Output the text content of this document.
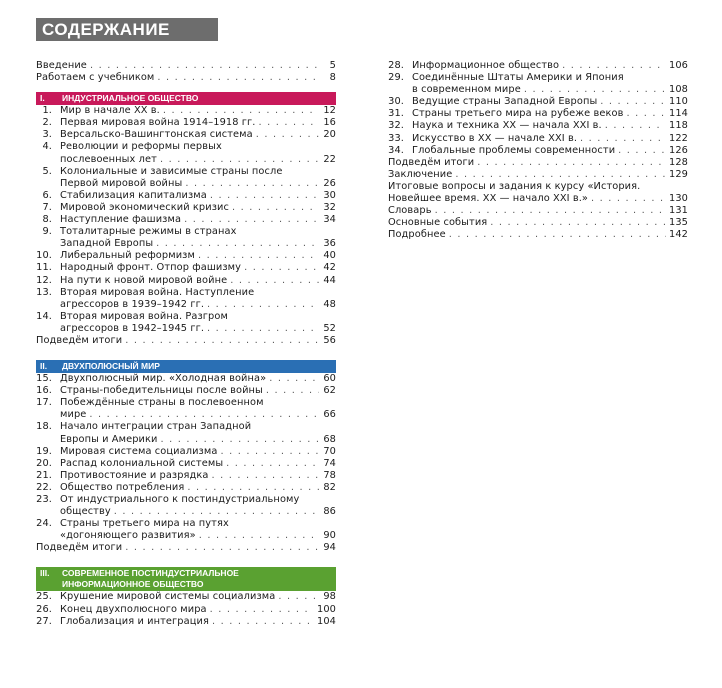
СОДЕРЖАНИЕ
Введение . . .	5
Работаем с учебником . . .	8
I. ИНДУСТРИАЛЬНОЕ ОБЩЕСТВО
1. Мир в начале XX в. . . .	12
2. Первая мировая война 1914–1918 гг. . . .	16
3. Версальско-Вашингтонская система . . .	20
4. Революции и реформы первых
послевоенных лет . . .	22
5. Колониальные и зависимые страны после
Первой мировой войны . . .	26
6. Стабилизация капитализма . . .	30
7. Мировой экономический кризис . . .	32
8. Наступление фашизма . . .	34
9. Тоталитарные режимы в странах
Западной Европы . . .	36
10. Либеральный реформизм . . .	40
11. Народный фронт. Отпор фашизму . . .	42
12. На пути к новой мировой войне . . .	44
13. Вторая мировая война. Наступление
агрессоров в 1939–1942 гг. . . .	48
14. Вторая мировая война. Разгром
агрессоров в 1942–1945 гг. . . .	52
Подведём итоги . . .	56
II. ДВУХПОЛЮСНЫЙ МИР
15. Двухполюсный мир. «Холодная война» . . .	60
16. Страны-победительницы после войны . . .	62
17. Побеждённые страны в послевоенном
мире . . .	66
18. Начало интеграции стран Западной
Европы и Америки . . .	68
19. Мировая система социализма . . .	70
20. Распад колониальной системы . . .	74
21. Противостояние и разрядка . . .	78
22. Общество потребления . . .	82
23. От индустриального к постиндустриальному
обществу . . .	86
24. Страны третьего мира на путях
«догоняющего развития» . . .	90
Подведём итоги . . .	94
III. СОВРЕМЕННОЕ ПОСТИНДУСТРИАЛЬНОЕ
ИНФОРМАЦИОННОЕ ОБЩЕСТВО
25. Крушение мировой системы социализма . . .	98
26. Конец двухполюсного мира . . .	100
27. Глобализация и интеграция . . .	104
28. Информационное общество . . .	106
29. Соединённые Штаты Америки и Япония
в современном мире . . .	108
30. Ведущие страны Западной Европы . . .	110
31. Страны третьего мира на рубеже веков . . .	114
32. Наука и техника XX — начала XXI в. . . .	118
33. Искусство в XX — начале XXI в. . . .	122
34. Глобальные проблемы современности . . .	126
Подведём итоги . . .	128
Заключение . . .	129
Итоговые вопросы и задания к курсу «История.
Новейшее время. XX — начало XXI в.» . . .	130
Словарь . . .	131
Основные события . . .	135
Подробнее . . .	142
